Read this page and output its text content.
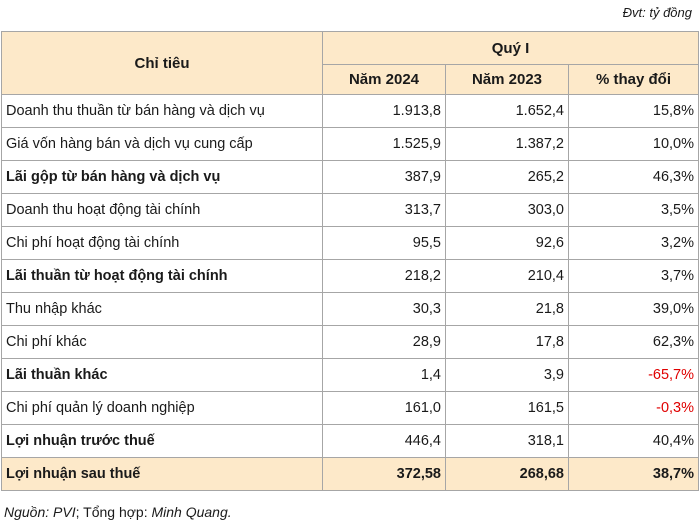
Đvt: tỷ đồng
Chỉ tiêu	Quý I		
	Năm 2024	Năm 2023	% thay đổi
Doanh thu thuần từ bán hàng và dịch vụ	1.913,8	1.652,4	15,8%
Giá vốn hàng bán và dịch vụ cung cấp	1.525,9	1.387,2	10,0%
Lãi gộp từ bán hàng và dịch vụ	387,9	265,2	46,3%
Doanh thu hoạt động tài chính	313,7	303,0	3,5%
Chi phí hoạt động tài chính	95,5	92,6	3,2%
Lãi thuần từ hoạt động tài chính	218,2	210,4	3,7%
Thu nhập khác	30,3	21,8	39,0%
Chi phí khác	28,9	17,8	62,3%
Lãi thuần khác	1,4	3,9	-65,7%
Chi phí quản lý doanh nghiệp	161,0	161,5	-0,3%
Lợi nhuận trước thuế	446,4	318,1	40,4%
Lợi nhuận sau thuế	372,58	268,68	38,7%
Nguồn: PVI; Tổng hợp: Minh Quang.
